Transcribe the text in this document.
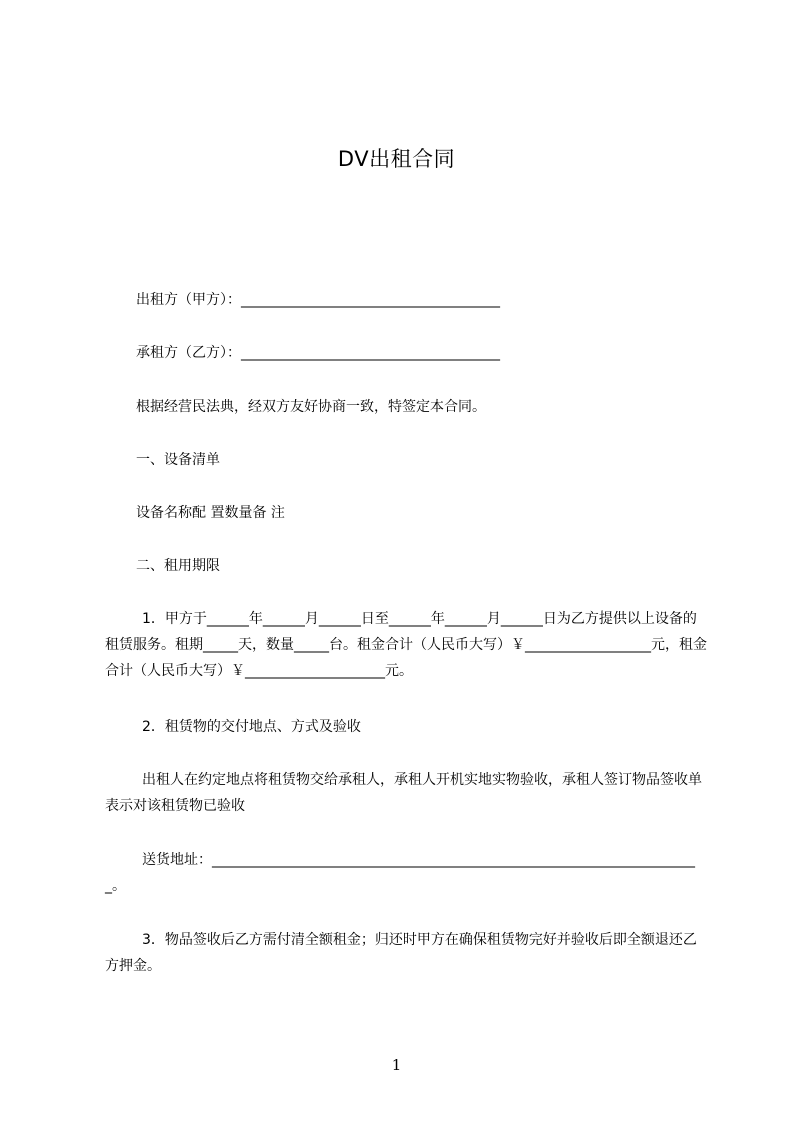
DV出租合同
出租方（甲方）：_____________________________________
承租方（乙方）：_____________________________________
根据经营民法典，经双方友好协商一致，特签定本合同。
一、设备清单
设备名称配 置数量备 注
二、租用期限
1．甲方于______年______月______日至______年______月______日为乙方提供以上设备的租赁服务。租期_____天，数量_____台。租金合计（人民币大写）￥__________________元，租金合计（人民币大写）￥____________________元。
2．租赁物的交付地点、方式及验收
出租人在约定地点将租赁物交给承租人，承租人开机实地实物验收，承租人签订物品签收单表示对该租赁物已验收
送货地址：______________________________________________________________________。
3．物品签收后乙方需付清全额租金；归还时甲方在确保租赁物完好并验收后即全额退还乙方押金。
1
